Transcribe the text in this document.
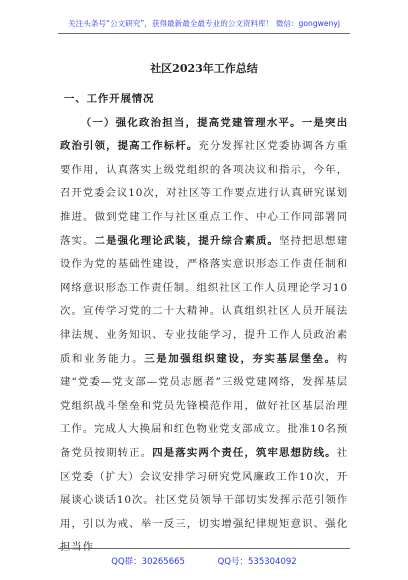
关注头条号“公文研究”，获得最新最全最专业的公文资料库！ 微信：gongwenyj
社区2023年工作总结
一、工作开展情况

（一）强化政治担当，提高党建管理水平。一是突出政治引领，提高工作标杆。充分发挥社区党委协调各方重要作用，认真落实上级党组织的各项决议和指示，今年，召开党委会议10次，对社区等工作要点进行认真研究谋划推进。做到党建工作与社区重点工作、中心工作同部署同落实。二是强化理论武装，提升综合素质。坚持把思想建设作为党的基础性建设，严格落实意识形态工作责任制和网络意识形态工作责任制。组织社区工作人员理论学习10次。宣传学习党的二十大精神。认真组织社区人员开展法律法规、业务知识、专业技能学习，提升工作人员政治素质和业务能力。三是加强组织建设，夯实基层堡垒。构建“党委—党支部—党员志愿者”三级党建网络，发挥基层党组织战斗堡垒和党员先锋模范作用，做好社区基层治理工作。完成人大换届和红色物业党支部成立。批准10名预备党员按期转正。四是落实两个责任，筑牢思想防线。社区党委（扩大）会议安排学习研究党风廉政工作10次，开展谈心谈话10次。社区党员领导干部切实发挥示范引领作用，引以为戒、举一反三，切实增强纪律规矩意识、强化担当作

QQ群：30265665	QQ号：535304092
